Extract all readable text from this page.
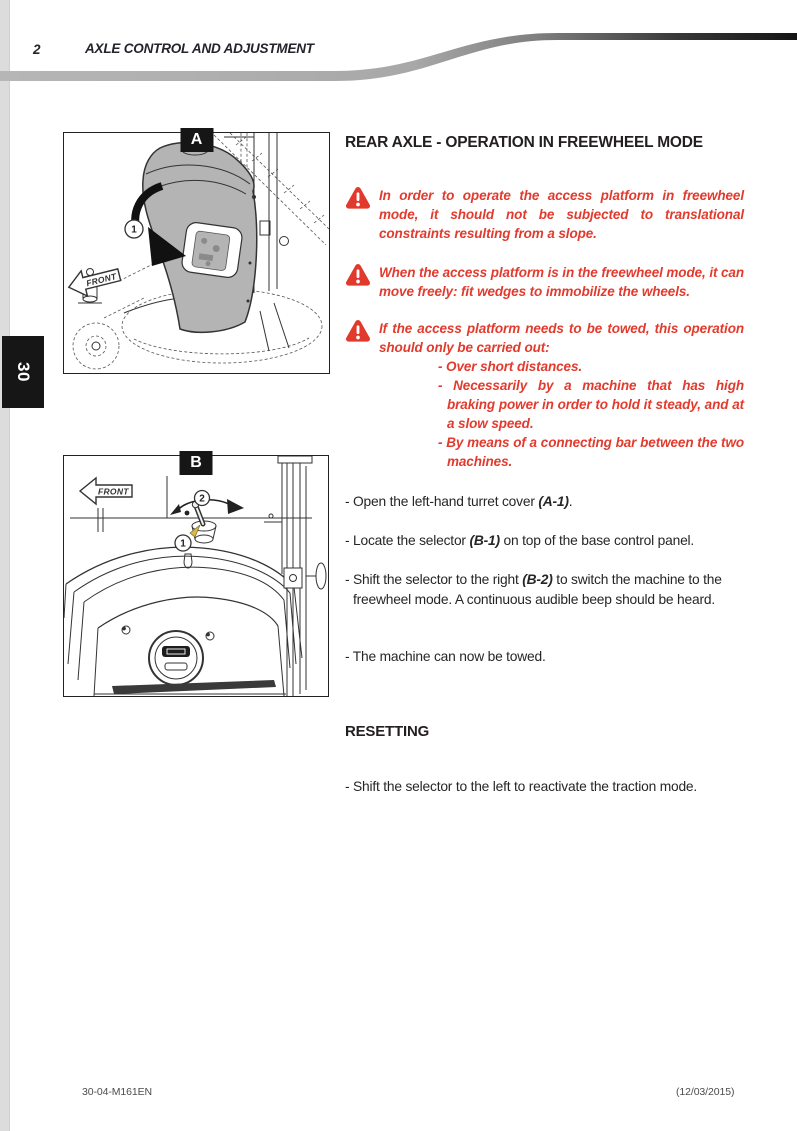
2	AXLE CONTROL AND ADJUSTMENT
30
A
1
FRONT
B
2
1
FRONT
REAR AXLE - OPERATION IN FREEWHEEL MODE
In order to operate the access platform in freewheel mode, it should not be subjected to translational constraints resulting from a slope.
When the access platform is in the freewheel mode, it can move freely: fit wedges to immobilize the wheels.
If the access platform needs to be towed, this operation should only be carried out:
- Over short distances.
- Necessarily by a machine that has high braking power in order to hold it steady, and at a slow speed.
- By means of a connecting bar between the two machines.
- Open the left-hand turret cover (A-1).
- Locate the selector (B-1) on top of the base control panel.
- Shift the selector to the right (B-2) to switch the machine to the freewheel mode. A continuous audible beep should be heard.
- The machine can now be towed.
RESETTING
- Shift the selector to the left to reactivate the traction mode.
30-04-M161EN	(12/03/2015)
